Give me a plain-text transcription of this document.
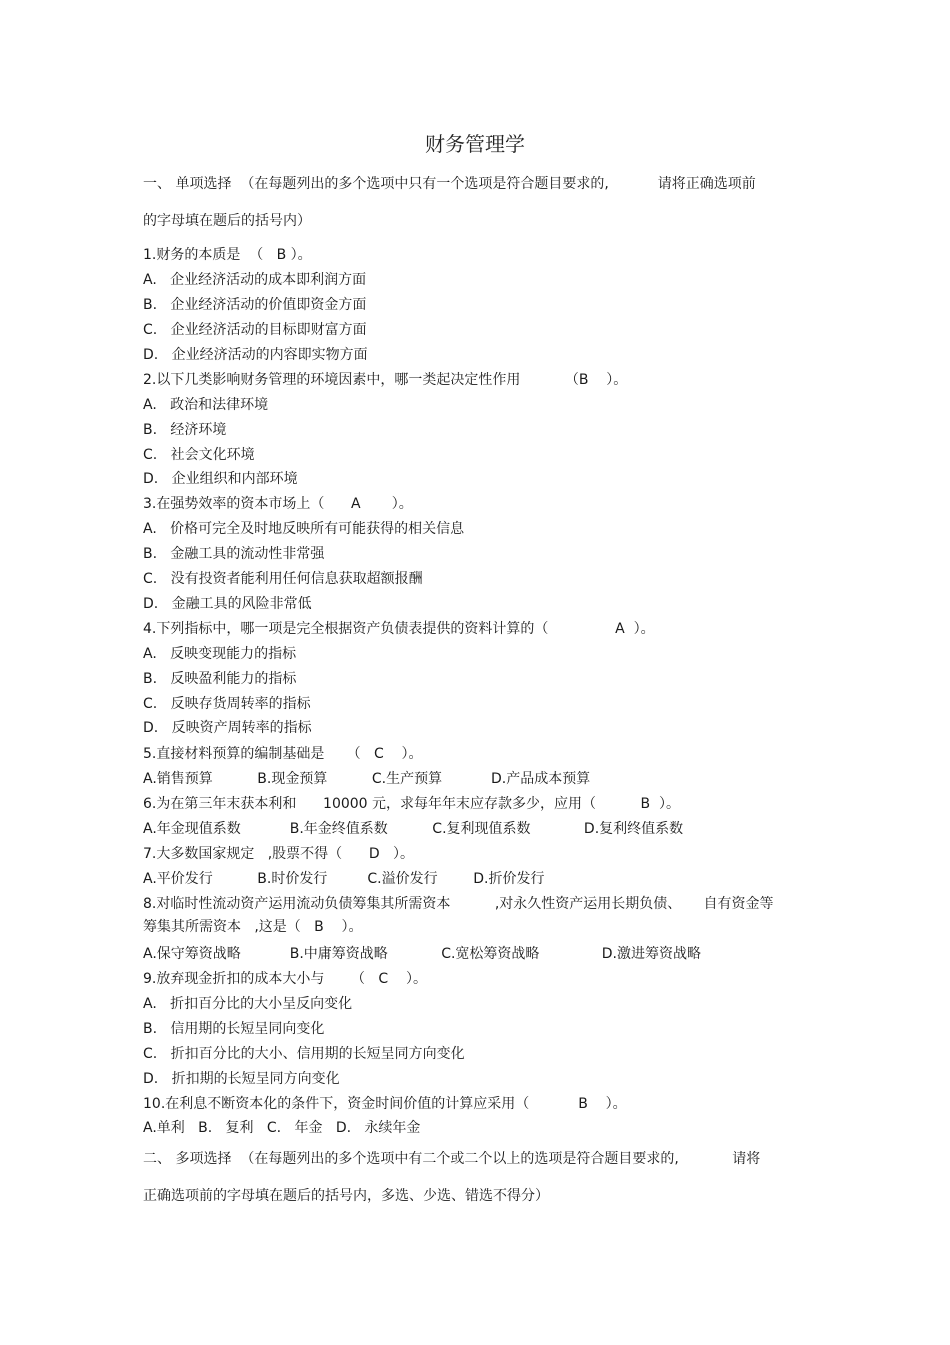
财务管理学
一、 单项选择  （在每题列出的多个选项中只有一个选项是符合题目要求的,           请将正确选项前
的字母填在题后的括号内）
1.财务的本质是  （   B ）。
A.   企业经济活动的成本即利润方面
B.   企业经济活动的价值即资金方面
C.   企业经济活动的目标即财富方面
D.   企业经济活动的内容即实物方面
2.以下几类影响财务管理的环境因素中，哪一类起决定性作用          （B    ）。
A.   政治和法律环境
B.   经济环境
C.   社会文化环境
D.   企业组织和内部环境
3.在强势效率的资本市场上（      A       ）。
A.   价格可完全及时地反映所有可能获得的相关信息
B.   金融工具的流动性非常强
C.   没有投资者能利用任何信息获取超额报酬
D.   金融工具的风险非常低
4.下列指标中，哪一项是完全根据资产负债表提供的资料计算的（               A  ）。
A.   反映变现能力的指标
B.   反映盈利能力的指标
C.   反映存货周转率的指标
D.   反映资产周转率的指标
5.直接材料预算的编制基础是     （   C    ）。
A.销售预算          B.现金预算          C.生产预算           D.产品成本预算
6.为在第三年末获本利和      10000 元，求每年年末应存款多少，应用（          B  ）。
A.年金现值系数           B.年金终值系数          C.复利现值系数            D.复利终值系数
7.大多数国家规定   ,股票不得（      D   ）。
A.平价发行          B.时价发行         C.溢价发行        D.折价发行
8.对临时性流动资产运用流动负债筹集其所需资本          ,对永久性资产运用长期负债、     自有资金等
筹集其所需资本   ,这是（   B    ）。
A.保守筹资战略           B.中庸筹资战略            C.宽松筹资战略              D.激进筹资战略
9.放弃现金折扣的成本大小与      （   C    ）。
A.   折扣百分比的大小呈反向变化
B.   信用期的长短呈同向变化
C.   折扣百分比的大小、信用期的长短呈同方向变化
D.   折扣期的长短呈同方向变化
10.在利息不断资本化的条件下，资金时间价值的计算应采用（           B    ）。
A.单利   B.   复利   C.   年金   D.   永续年金
二、 多项选择  （在每题列出的多个选项中有二个或二个以上的选项是符合题目要求的,            请将
正确选项前的字母填在题后的括号内，多选、少选、错选不得分）
